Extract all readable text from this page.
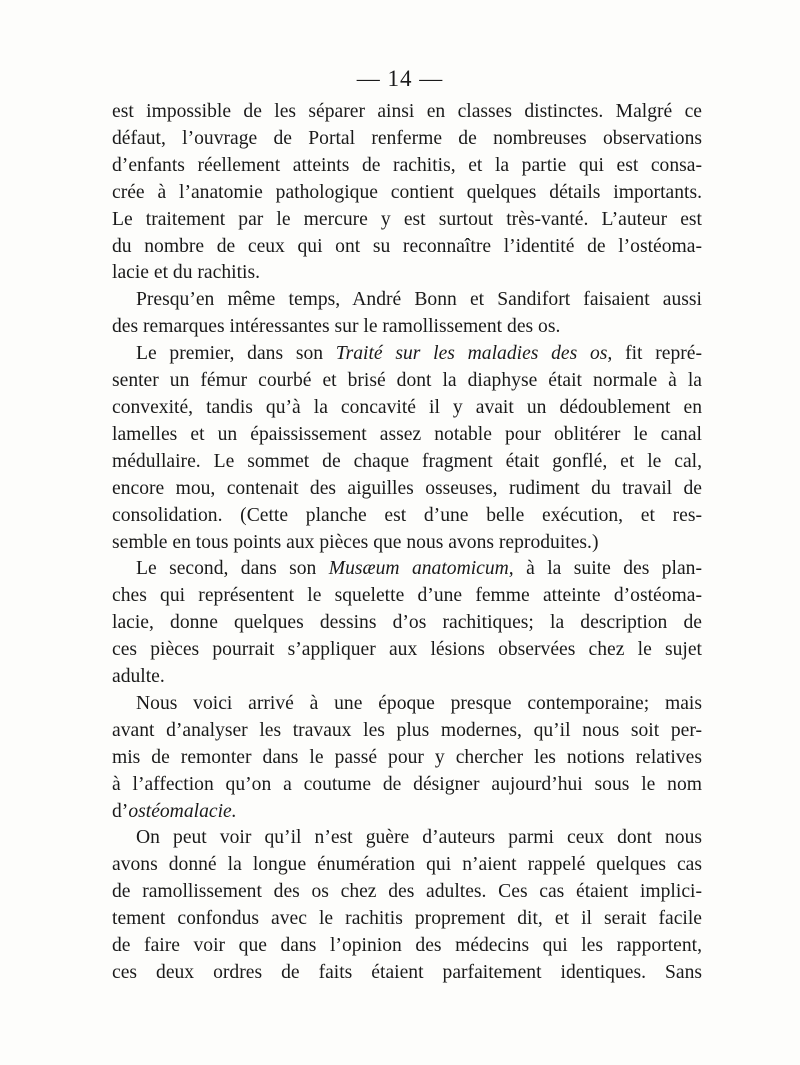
— 14 —
est impossible de les séparer ainsi en classes distinctes. Malgré ce
défaut, l’ouvrage de Portal renferme de nombreuses observations
d’enfants réellement atteints de rachitis, et la partie qui est consa-
crée à l’anatomie pathologique contient quelques détails importants.
Le traitement par le mercure y est surtout très-vanté. L’auteur est
du nombre de ceux qui ont su reconnaître l’identité de l’ostéoma-
lacie et du rachitis.
Presqu’en même temps, André Bonn et Sandifort faisaient aussi
des remarques intéressantes sur le ramollissement des os.
Le premier, dans son Traité sur les maladies des os, fit repré-
senter un fémur courbé et brisé dont la diaphyse était normale à la
convexité, tandis qu’à la concavité il y avait un dédoublement en
lamelles et un épaississement assez notable pour oblitérer le canal
médullaire. Le sommet de chaque fragment était gonflé, et le cal,
encore mou, contenait des aiguilles osseuses, rudiment du travail de
consolidation. (Cette planche est d’une belle exécution, et res-
semble en tous points aux pièces que nous avons reproduites.)
Le second, dans son Musæum anatomicum, à la suite des plan-
ches qui représentent le squelette d’une femme atteinte d’ostéoma-
lacie, donne quelques dessins d’os rachitiques; la description de
ces pièces pourrait s’appliquer aux lésions observées chez le sujet
adulte.
Nous voici arrivé à une époque presque contemporaine; mais
avant d’analyser les travaux les plus modernes, qu’il nous soit per-
mis de remonter dans le passé pour y chercher les notions relatives
à l’affection qu’on a coutume de désigner aujourd’hui sous le nom
d’ostéomalacie.
On peut voir qu’il n’est guère d’auteurs parmi ceux dont nous
avons donné la longue énumération qui n’aient rappelé quelques cas
de ramollissement des os chez des adultes. Ces cas étaient implici-
tement confondus avec le rachitis proprement dit, et il serait facile
de faire voir que dans l’opinion des médecins qui les rapportent,
ces deux ordres de faits étaient parfaitement identiques. Sans
